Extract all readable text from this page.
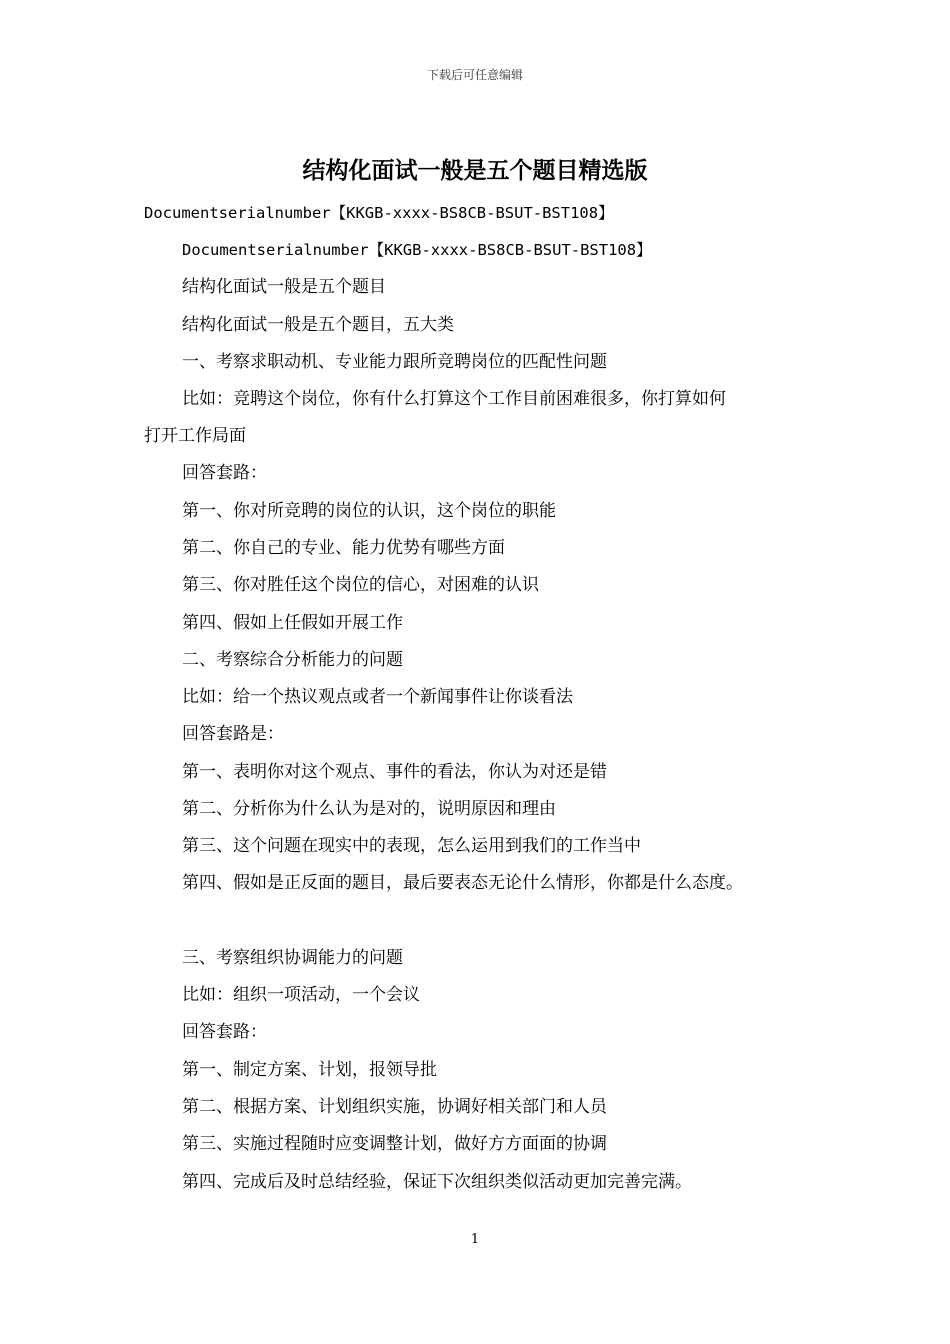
下载后可任意编辑
结构化面试一般是五个题目精选版
Documentserialnumber【KKGB-xxxx-BS8CB-BSUT-BST108】
Documentserialnumber【KKGB-xxxx-BS8CB-BSUT-BST108】
结构化面试一般是五个题目
结构化面试一般是五个题目，五大类
一、考察求职动机、专业能力跟所竞聘岗位的匹配性问题
比如：竞聘这个岗位，你有什么打算这个工作目前困难很多，你打算如何
打开工作局面
回答套路：
第一、你对所竞聘的岗位的认识，这个岗位的职能
第二、你自己的专业、能力优势有哪些方面
第三、你对胜任这个岗位的信心，对困难的认识
第四、假如上任假如开展工作
二、考察综合分析能力的问题
比如：给一个热议观点或者一个新闻事件让你谈看法
回答套路是：
第一、表明你对这个观点、事件的看法，你认为对还是错
第二、分析你为什么认为是对的，说明原因和理由
第三、这个问题在现实中的表现，怎么运用到我们的工作当中
第四、假如是正反面的题目，最后要表态无论什么情形，你都是什么态度。
三、考察组织协调能力的问题
比如：组织一项活动，一个会议
回答套路：
第一、制定方案、计划，报领导批
第二、根据方案、计划组织实施，协调好相关部门和人员
第三、实施过程随时应变调整计划，做好方方面面的协调
第四、完成后及时总结经验，保证下次组织类似活动更加完善完满。
1
